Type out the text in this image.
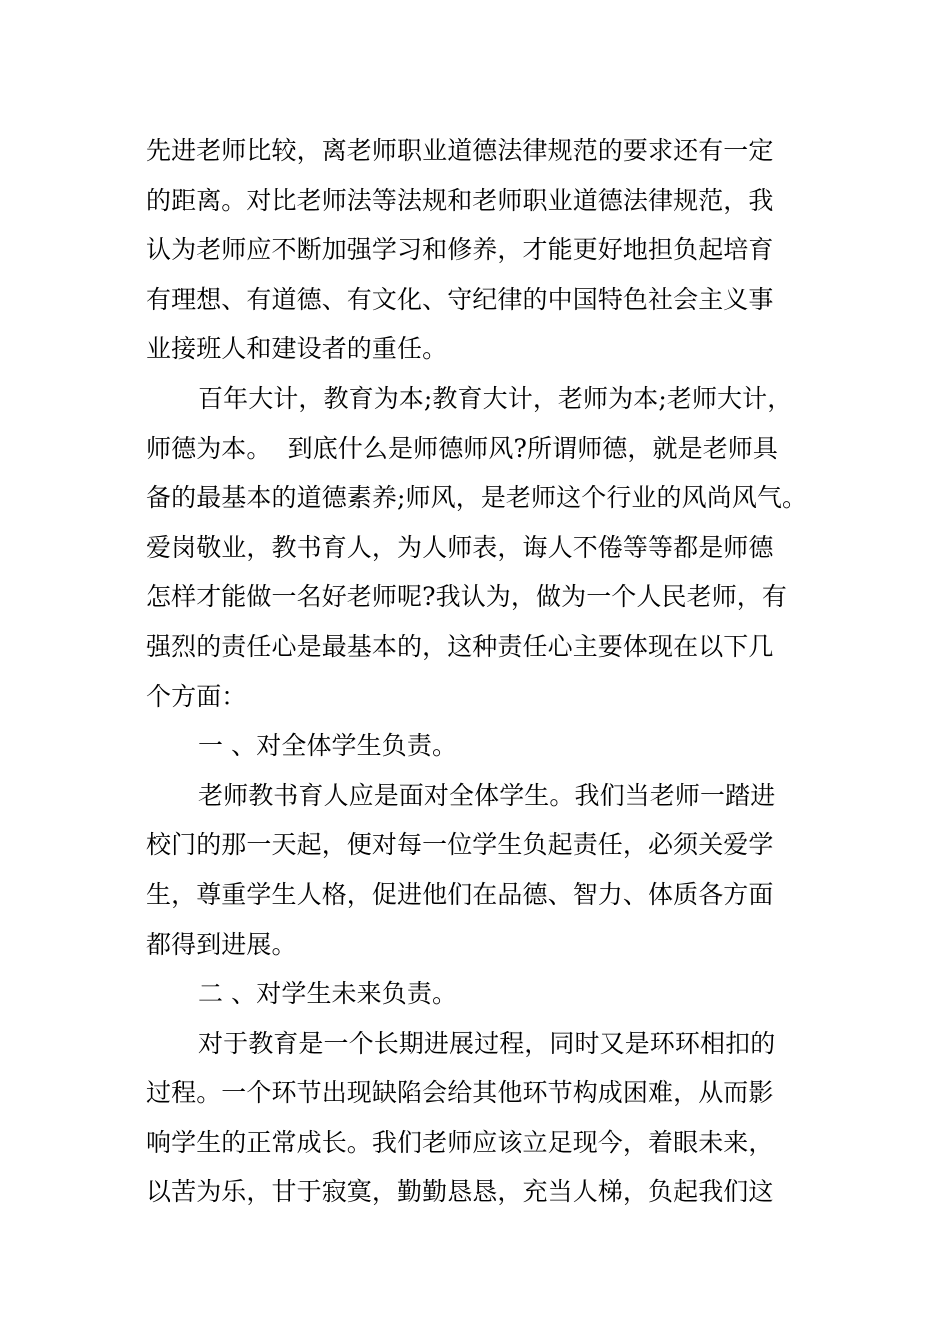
先进老师比较，离老师职业道德法律规范的要求还有一定
的距离。对比老师法等法规和老师职业道德法律规范，我
认为老师应不断加强学习和修养，才能更好地担负起培育
有理想、有道德、有文化、守纪律的中国特色社会主义事
业接班人和建设者的重任。
百年大计，教育为本;教育大计，老师为本;老师大计，
师德为本。  到底什么是师德师风?所谓师德，就是老师具
备的最基本的道德素养;师风，是老师这个行业的风尚风气。
爱岗敬业，教书育人，为人师表，诲人不倦等等都是师德
怎样才能做一名好老师呢?我认为，做为一个人民老师，有
强烈的责任心是最基本的，这种责任心主要体现在以下几
个方面：
一 、对全体学生负责。
老师教书育人应是面对全体学生。我们当老师一踏进
校门的那一天起，便对每一位学生负起责任，必须关爱学
生，尊重学生人格，促进他们在品德、智力、体质各方面
都得到进展。
二 、对学生未来负责。
对于教育是一个长期进展过程，同时又是环环相扣的
过程。一个环节出现缺陷会给其他环节构成困难，从而影
响学生的正常成长。我们老师应该立足现今，着眼未来，
以苦为乐，甘于寂寞，勤勤恳恳，充当人梯，负起我们这
